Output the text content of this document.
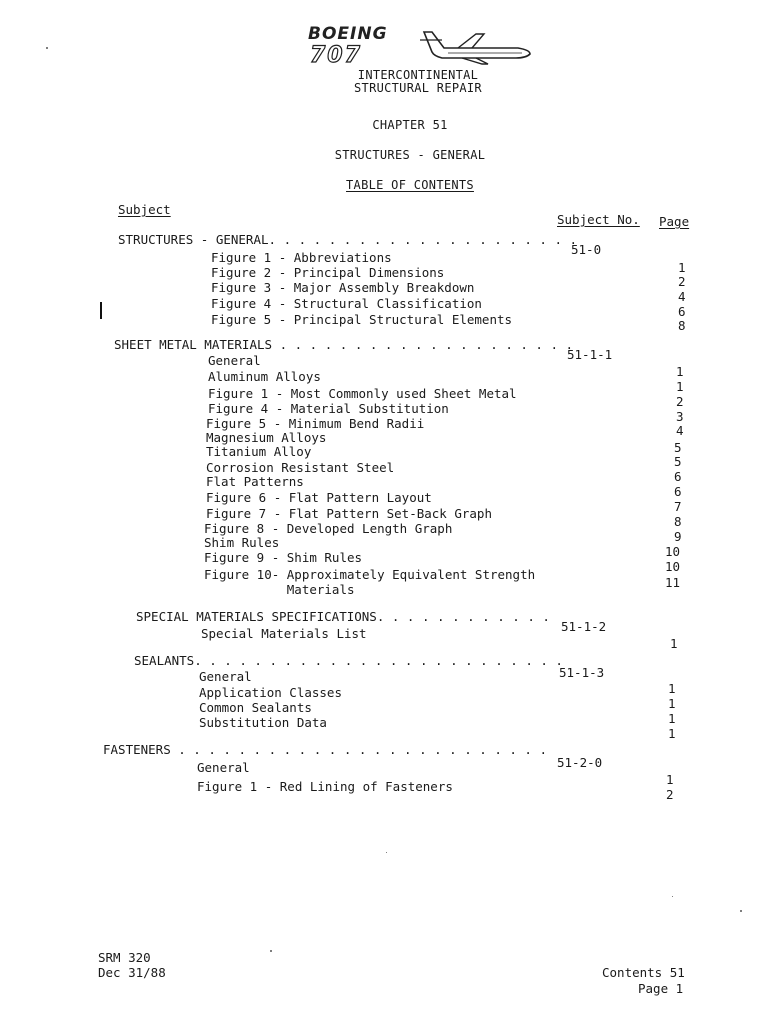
BOEING
707
INTERCONTINENTAL
STRUCTURAL REPAIR
CHAPTER 51
STRUCTURES - GENERAL
TABLE OF CONTENTS
Subject
Subject No. Page
STRUCTURES - GENERAL. . . . . . . . . . . . . . . . . . . . .
51-0
Figure 1 - Abbreviations
Figure 2 - Principal Dimensions
Figure 3 - Major Assembly Breakdown
Figure 4 - Structural Classification
Figure 5 - Principal Structural Elements
1
2
4
6
8
SHEET METAL MATERIALS . . . . . . . . . . . . . . . . . . . .
51-1-1
General
Aluminum Alloys
Figure 1 - Most Commonly used Sheet Metal
Figure 4 - Material Substitution
Figure 5 - Minimum Bend Radii
Magnesium Alloys
Titanium Alloy
Corrosion Resistant Steel
Flat Patterns
Figure 6 - Flat Pattern Layout
Figure 7 - Flat Pattern Set-Back Graph
Figure 8 - Developed Length Graph
Shim Rules
Figure 9 - Shim Rules
Figure 10- Approximately Equivalent Strength
Materials
1
1
2
3
4
5
5
6
6
7
8
9
10
10
11
SPECIAL MATERIALS SPECIFICATIONS. . . . . . . . . . . .
51-1-2
Special Materials List
1
SEALANTS. . . . . . . . . . . . . . . . . . . . . . . . .
51-1-3
General
Application Classes
Common Sealants
Substitution Data
1
1
1
1
FASTENERS . . . . . . . . . . . . . . . . . . . . . . . . .
51-2-0
General
Figure 1 - Red Lining of Fasteners	1
2
SRM 320
Dec 31/88	Contents 51
Page 1
